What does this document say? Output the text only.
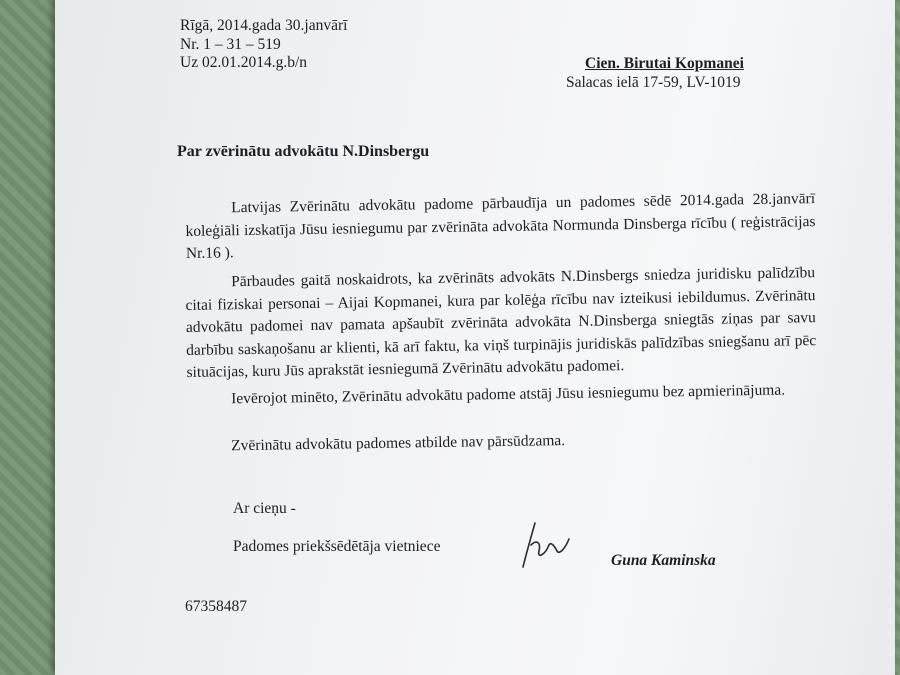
Rīgā, 2014.gada 30.janvārī
Nr. 1 – 31 – 519
Uz 02.01.2014.g.b/n	Cien. Birutai Kopmanei
Salacas ielā 17-59, LV-1019
Par zvērinātu advokātu N.Dinsbergu
Latvijas Zvērinātu advokātu padome pārbaudīja un padomes sēdē 2014.gada 28.janvārī koleģiāli izskatīja Jūsu iesniegumu par zvērināta advokāta Normunda Dinsberga rīcību ( reģistrācijas Nr.16 ).
Pārbaudes gaitā noskaidrots, ka zvērināts advokāts N.Dinsbergs sniedza juridisku palīdzību citai fiziskai personai – Aijai Kopmanei, kura par kolēģa rīcību nav izteikusi iebildumus. Zvērinātu advokātu padomei nav pamata apšaubīt zvērināta advokāta N.Dinsberga sniegtās ziņas par savu darbību saskaņošanu ar klienti, kā arī faktu, ka viņš turpinājis juridiskās palīdzības sniegšanu arī pēc situācijas, kuru Jūs aprakstāt iesniegumā Zvērinātu advokātu padomei.
Ievērojot minēto, Zvērinātu advokātu padome atstāj Jūsu iesniegumu bez apmierinājuma.
Zvērinātu advokātu padomes atbilde nav pārsūdzama.
Ar cieņu -
Padomes priekšsēdētāja vietniece
Guna Kaminska
67358487
